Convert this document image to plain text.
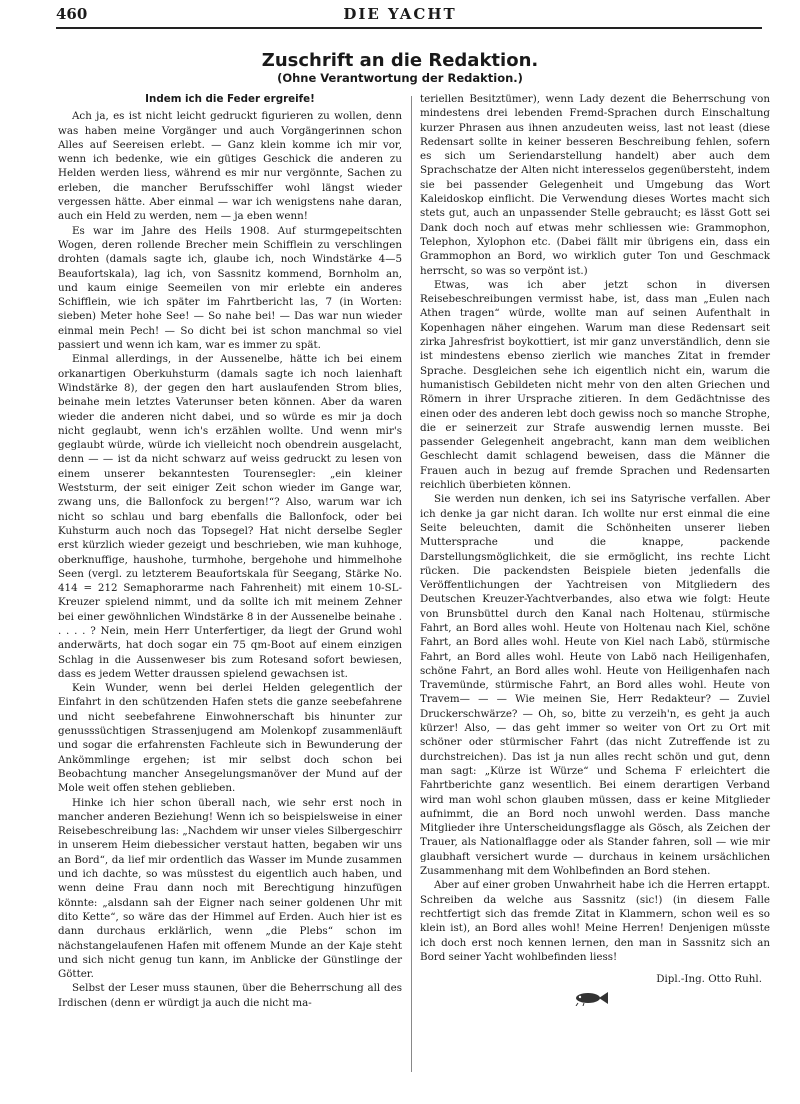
460	DIE YACHT
Zuschrift an die Redaktion.
(Ohne Verantwortung der Redaktion.)
Indem ich die Feder ergreife!

Ach ja, es ist nicht leicht gedruckt figurieren zu wollen, denn was haben meine Vorgänger und auch Vorgängerinnen schon Alles auf Seereisen erlebt. — Ganz klein komme ich mir vor, wenn ich bedenke, wie ein gütiges Geschick die anderen zu Helden werden liess, während es mir nur vergönnte, Sachen zu erleben, die mancher Berufsschiffer wohl längst wieder vergessen hätte. Aber einmal — war ich wenigstens nahe daran, auch ein Held zu werden, nem — ja eben wenn!

Es war im Jahre des Heils 1908. Auf sturmgepeitschten Wogen, deren rollende Brecher mein Schifflein zu verschlingen drohten (damals sagte ich, glaube ich, noch Windstärke 4—5 Beaufortskala), lag ich, von Sassnitz kommend, Bornholm an, und kaum einige Seemeilen von mir erlebte ein anderes Schifflein, wie ich später im Fahrtbericht las, 7 (in Worten: sieben) Meter hohe See! — So nahe bei! — Das war nun wieder einmal mein Pech! — So dicht bei ist schon manchmal so viel passiert und wenn ich kam, war es immer zu spät.

Einmal allerdings, in der Aussenelbe, hätte ich bei einem orkanartigen Oberkuhsturm (damals sagte ich noch laienhaft Windstärke 8), der gegen den hart auslaufenden Strom blies, beinahe mein letztes Vaterunser beten können. Aber da waren wieder die anderen nicht dabei, und so würde es mir ja doch nicht geglaubt, wenn ich's erzählen wollte. Und wenn mir's geglaubt würde, würde ich vielleicht noch obendrein ausgelacht, denn — — ist da nicht schwarz auf weiss gedruckt zu lesen von einem unserer bekanntesten Tourensegler: „ein kleiner Weststurm, der seit einiger Zeit schon wieder im Gange war, zwang uns, die Ballonfock zu bergen!“? Also, warum war ich nicht so schlau und barg ebenfalls die Ballonfock, oder bei Kuhsturm auch noch das Topsegel? Hat nicht derselbe Segler erst kürzlich wieder gezeigt und beschrieben, wie man kuhhoge, oberknuffige, haushohe, turmhohe, bergehohe und himmelhohe Seen (vergl. zu letzterem Beaufortskala für Seegang, Stärke No. 414 = 212 Semaphorarme nach Fahrenheit) mit einem 10-SL-Kreuzer spielend nimmt, und da sollte ich mit meinem Zehner bei einer gewöhnlichen Windstärke 8 in der Aussenelbe beinahe . . . . . ? Nein, mein Herr Unterfertiger, da liegt der Grund wohl anderwärts, hat doch sogar ein 75 qm-Boot auf einem einzigen Schlag in die Aussenweser bis zum Rotesand sofort bewiesen, dass es jedem Wetter draussen spielend gewachsen ist.

Kein Wunder, wenn bei derlei Helden gelegentlich der Einfahrt in den schützenden Hafen stets die ganze seebefahrene und nicht seebefahrene Einwohnerschaft bis hinunter zur genusssüchtigen Strassenjugend am Molenkopf zusammenläuft und sogar die erfahrensten Fachleute sich in Bewunderung der Ankömmlinge ergehen; ist mir selbst doch schon bei Beobachtung mancher Ansegelungsmanöver der Mund auf der Mole weit offen stehen geblieben.

Hinke ich hier schon überall nach, wie sehr erst noch in mancher anderen Beziehung! Wenn ich so beispielsweise in einer Reisebeschreibung las: „Nachdem wir unser vieles Silbergeschirr in unserem Heim diebessicher verstaut hatten, begaben wir uns an Bord“, da lief mir ordentlich das Wasser im Munde zusammen und ich dachte, so was müsstest du eigentlich auch haben, und wenn deine Frau dann noch mit Berechtigung hinzufügen könnte: „alsdann sah der Eigner nach seiner goldenen Uhr mit dito Kette“, so wäre das der Himmel auf Erden. Auch hier ist es dann durchaus erklärlich, wenn „die Plebs“ schon im nächstangelaufenen Hafen mit offenem Munde an der Kaje steht und sich nicht genug tun kann, im Anblicke der Günstlinge der Götter.

Selbst der Leser muss staunen, über die Beherrschung all des Irdischen (denn er würdigt ja auch die nicht ma-

teriellen Besitztümer), wenn Lady dezent die Beherrschung von mindestens drei lebenden Fremd-Sprachen durch Einschaltung kurzer Phrasen aus ihnen anzudeuten weiss, last not least (diese Redensart sollte in keiner besseren Beschreibung fehlen, sofern es sich um Seriendarstellung handelt) aber auch dem Sprachschatze der Alten nicht interesselos gegenübersteht, indem sie bei passender Gelegenheit und Umgebung das Wort Kaleidoskop einflicht. Die Verwendung dieses Wortes macht sich stets gut, auch an unpassender Stelle gebraucht; es lässt Gott sei Dank doch noch auf etwas mehr schliessen wie: Grammophon, Telephon, Xylophon etc. (Dabei fällt mir übrigens ein, dass ein Grammophon an Bord, wo wirklich guter Ton und Geschmack herrscht, so was so verpönt ist.)

Etwas, was ich aber jetzt schon in diversen Reisebeschreibungen vermisst habe, ist, dass man „Eulen nach Athen tragen“ würde, wollte man auf seinen Aufenthalt in Kopenhagen näher eingehen. Warum man diese Redensart seit zirka Jahresfrist boykottiert, ist mir ganz unverständlich, denn sie ist mindestens ebenso zierlich wie manches Zitat in fremder Sprache. Desgleichen sehe ich eigentlich nicht ein, warum die humanistisch Gebildeten nicht mehr von den alten Griechen und Römern in ihrer Ursprache zitieren. In dem Gedächtnisse des einen oder des anderen lebt doch gewiss noch so manche Strophe, die er seinerzeit zur Strafe auswendig lernen musste. Bei passender Gelegenheit angebracht, kann man dem weiblichen Geschlecht damit schlagend beweisen, dass die Männer die Frauen auch in bezug auf fremde Sprachen und Redensarten reichlich überbieten können.

Sie werden nun denken, ich sei ins Satyrische verfallen. Aber ich denke ja gar nicht daran. Ich wollte nur erst einmal die eine Seite beleuchten, damit die Schönheiten unserer lieben Muttersprache und die knappe, packende Darstellungsmöglichkeit, die sie ermöglicht, ins rechte Licht rücken. Die packendsten Beispiele bieten jedenfalls die Veröffentlichungen der Yachtreisen von Mitgliedern des Deutschen Kreuzer-Yachtverbandes, also etwa wie folgt: Heute von Brunsbüttel durch den Kanal nach Holtenau, stürmische Fahrt, an Bord alles wohl. Heute von Holtenau nach Kiel, schöne Fahrt, an Bord alles wohl. Heute von Kiel nach Labö, stürmische Fahrt, an Bord alles wohl. Heute von Labö nach Heiligenhafen, schöne Fahrt, an Bord alles wohl. Heute von Heiligenhafen nach Travemünde, stürmische Fahrt, an Bord alles wohl. Heute von Travem— — — Wie meinen Sie, Herr Redakteur? — Zuviel Druckerschwärze? — Oh, so, bitte zu verzeih'n, es geht ja auch kürzer! Also, — das geht immer so weiter von Ort zu Ort mit schöner oder stürmischer Fahrt (das nicht Zutreffende ist zu durchstreichen). Das ist ja nun alles recht schön und gut, denn man sagt: „Kürze ist Würze“ und Schema F erleichtert die Fahrtberichte ganz wesentlich. Bei einem derartigen Verband wird man wohl schon glauben müssen, dass er keine Mitglieder aufnimmt, die an Bord noch unwohl werden. Dass manche Mitglieder ihre Unterscheidungsflagge als Gösch, als Zeichen der Trauer, als Nationalflagge oder als Stander fahren, soll — wie mir glaubhaft versichert wurde — durchaus in keinem ursächlichen Zusammenhang mit dem Wohlbefinden an Bord stehen.

Aber auf einer groben Unwahrheit habe ich die Herren ertappt. Schreiben da welche aus Sassnitz (sic!) (in diesem Falle rechtfertigt sich das fremde Zitat in Klammern, schon weil es so klein ist), an Bord alles wohl! Meine Herren! Denjenigen müsste ich doch erst noch kennen lernen, den man in Sassnitz sich an Bord seiner Yacht wohlbefinden liess!

Dipl.-Ing. Otto Ruhl.
